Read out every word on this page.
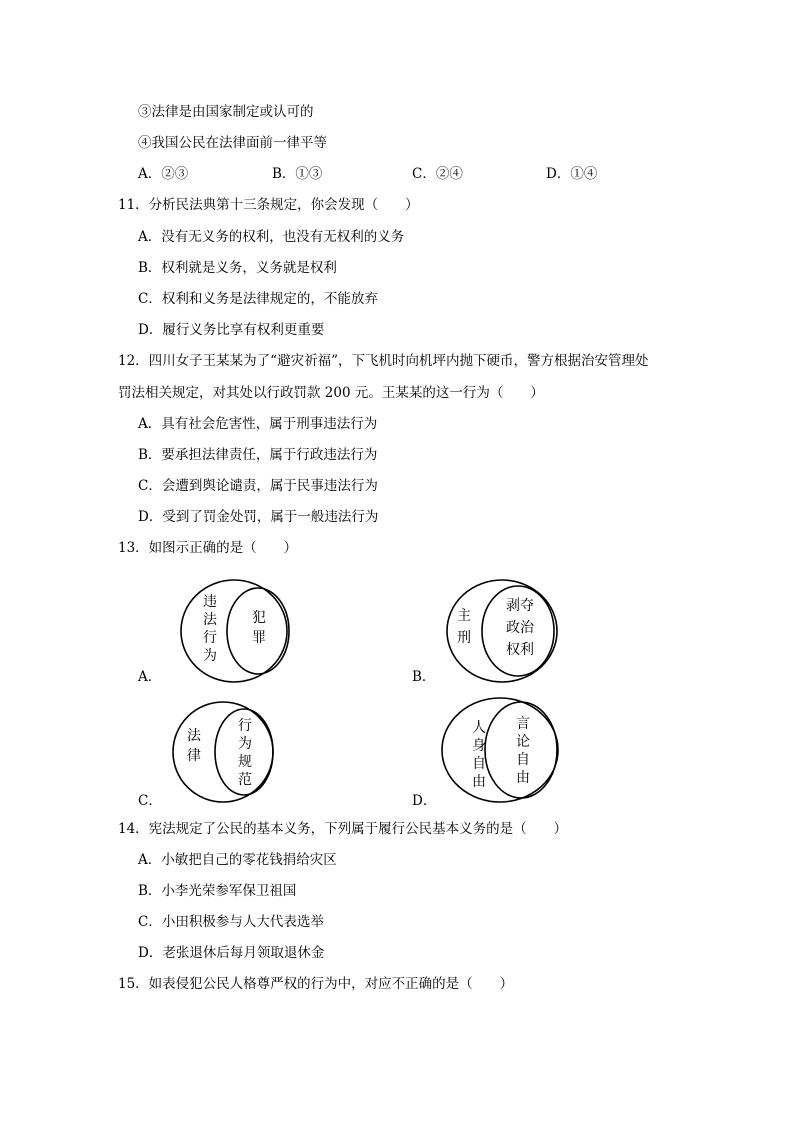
③法律是由国家制定或认可的
④我国公民在法律面前一律平等
A．②③	B．①③	C．②④	D．①④
11．分析民法典第十三条规定，你会发现（　　）
A．没有无义务的权利，也没有无权利的义务
B．权利就是义务，义务就是权利
C．权利和义务是法律规定的，不能放弃
D．履行义务比享有权利更重要
12．四川女子王某某为了“避灾祈福”，下飞机时向机坪内抛下硬币，警方根据治安管理处
罚法相关规定，对其处以行政罚款 200 元。王某某的这一行为（　　）
A．具有社会危害性，属于刑事违法行为
B．要承担法律责任，属于行政违法行为
C．会遭到舆论谴责，属于民事违法行为
D．受到了罚金处罚，属于一般违法行为
13．如图示正确的是（　　）
违
法
行
为
犯
罪
A．
主
刑
剥夺
政治
权利
B．
法
律
行
为
规
范
C．
人
身
自
由
言
论
自
由
D．
14．宪法规定了公民的基本义务，下列属于履行公民基本义务的是（　　）
A．小敏把自己的零花钱捐给灾区
B．小李光荣参军保卫祖国
C．小田积极参与人大代表选举
D．老张退休后每月领取退休金
15．如表侵犯公民人格尊严权的行为中，对应不正确的是（　　）
